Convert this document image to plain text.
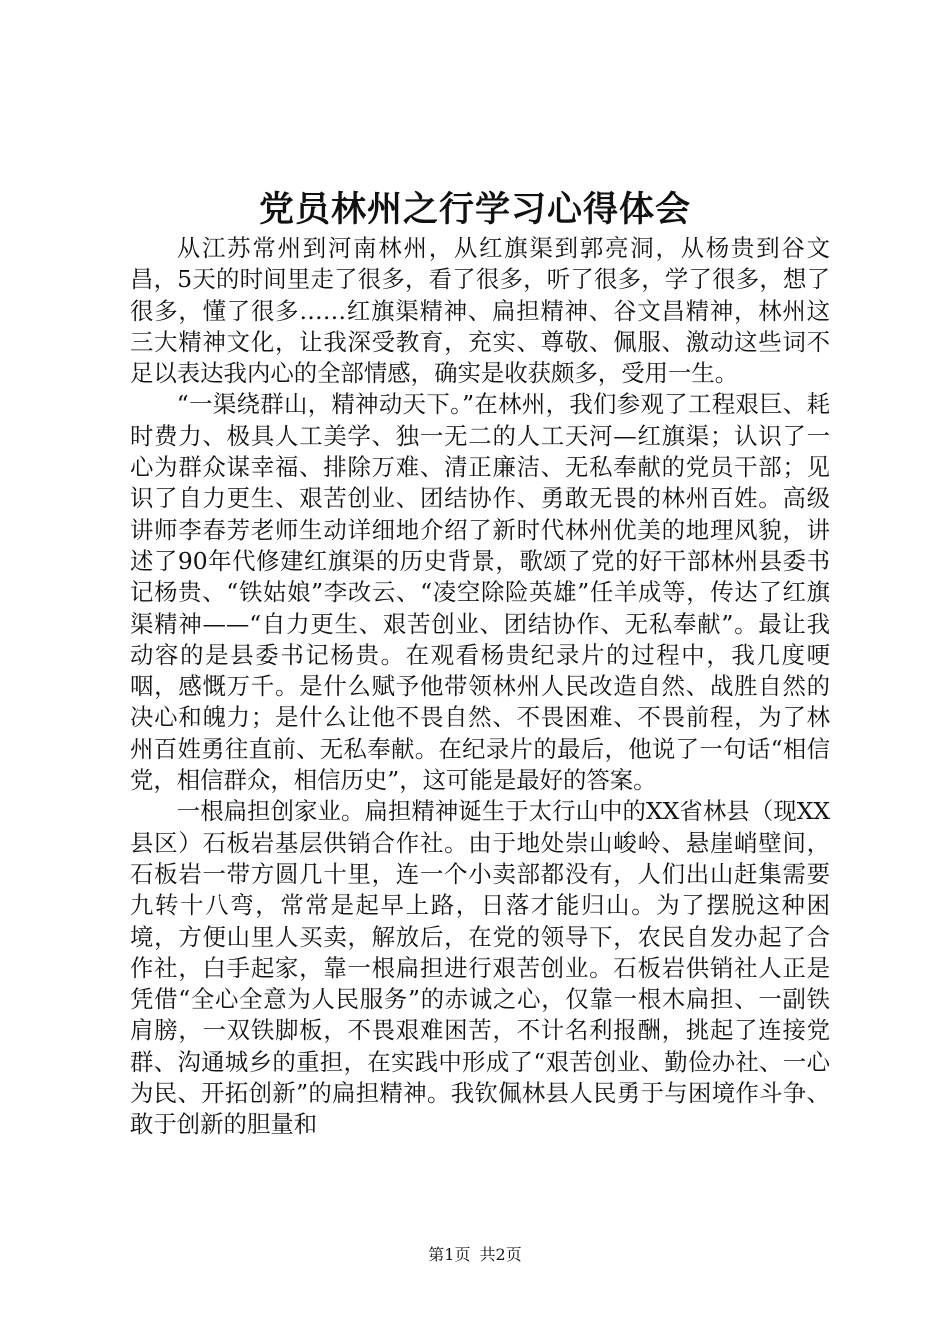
党员林州之行学习心得体会

从江苏常州到河南林州，从红旗渠到郭亮洞，从杨贵到谷文昌，5天的时间里走了很多，看了很多，听了很多，学了很多，想了很多，懂了很多……红旗渠精神、扁担精神、谷文昌精神，林州这三大精神文化，让我深受教育，充实、尊敬、佩服、激动这些词不足以表达我内心的全部情感，确实是收获颇多，受用一生。

“一渠绕群山，精神动天下。”在林州，我们参观了工程艰巨、耗时费力、极具人工美学、独一无二的人工天河—红旗渠；认识了一心为群众谋幸福、排除万难、清正廉洁、无私奉献的党员干部；见识了自力更生、艰苦创业、团结协作、勇敢无畏的林州百姓。高级讲师李春芳老师生动详细地介绍了新时代林州优美的地理风貌，讲述了90年代修建红旗渠的历史背景，歌颂了党的好干部林州县委书记杨贵、“铁姑娘”李改云、“凌空除险英雄”任羊成等，传达了红旗渠精神——“自力更生、艰苦创业、团结协作、无私奉献”。最让我动容的是县委书记杨贵。在观看杨贵纪录片的过程中，我几度哽咽，感慨万千。是什么赋予他带领林州人民改造自然、战胜自然的决心和魄力；是什么让他不畏自然、不畏困难、不畏前程，为了林州百姓勇往直前、无私奉献。在纪录片的最后，他说了一句话“相信党，相信群众，相信历史”，这可能是最好的答案。

一根扁担创家业。扁担精神诞生于太行山中的XX省林县（现XX县区）石板岩基层供销合作社。由于地处崇山峻岭、悬崖峭壁间，石板岩一带方圆几十里，连一个小卖部都没有，人们出山赶集需要九转十八弯，常常是起早上路，日落才能归山。为了摆脱这种困境，方便山里人买卖，解放后，在党的领导下，农民自发办起了合作社，白手起家，靠一根扁担进行艰苦创业。石板岩供销社人正是凭借“全心全意为人民服务”的赤诚之心，仅靠一根木扁担、一副铁肩膀，一双铁脚板，不畏艰难困苦，不计名利报酬，挑起了连接党群、沟通城乡的重担，在实践中形成了“艰苦创业、勤俭办社、一心为民、开拓创新”的扁担精神。我钦佩林县人民勇于与困境作斗争、敢于创新的胆量和

第1页 共2页
